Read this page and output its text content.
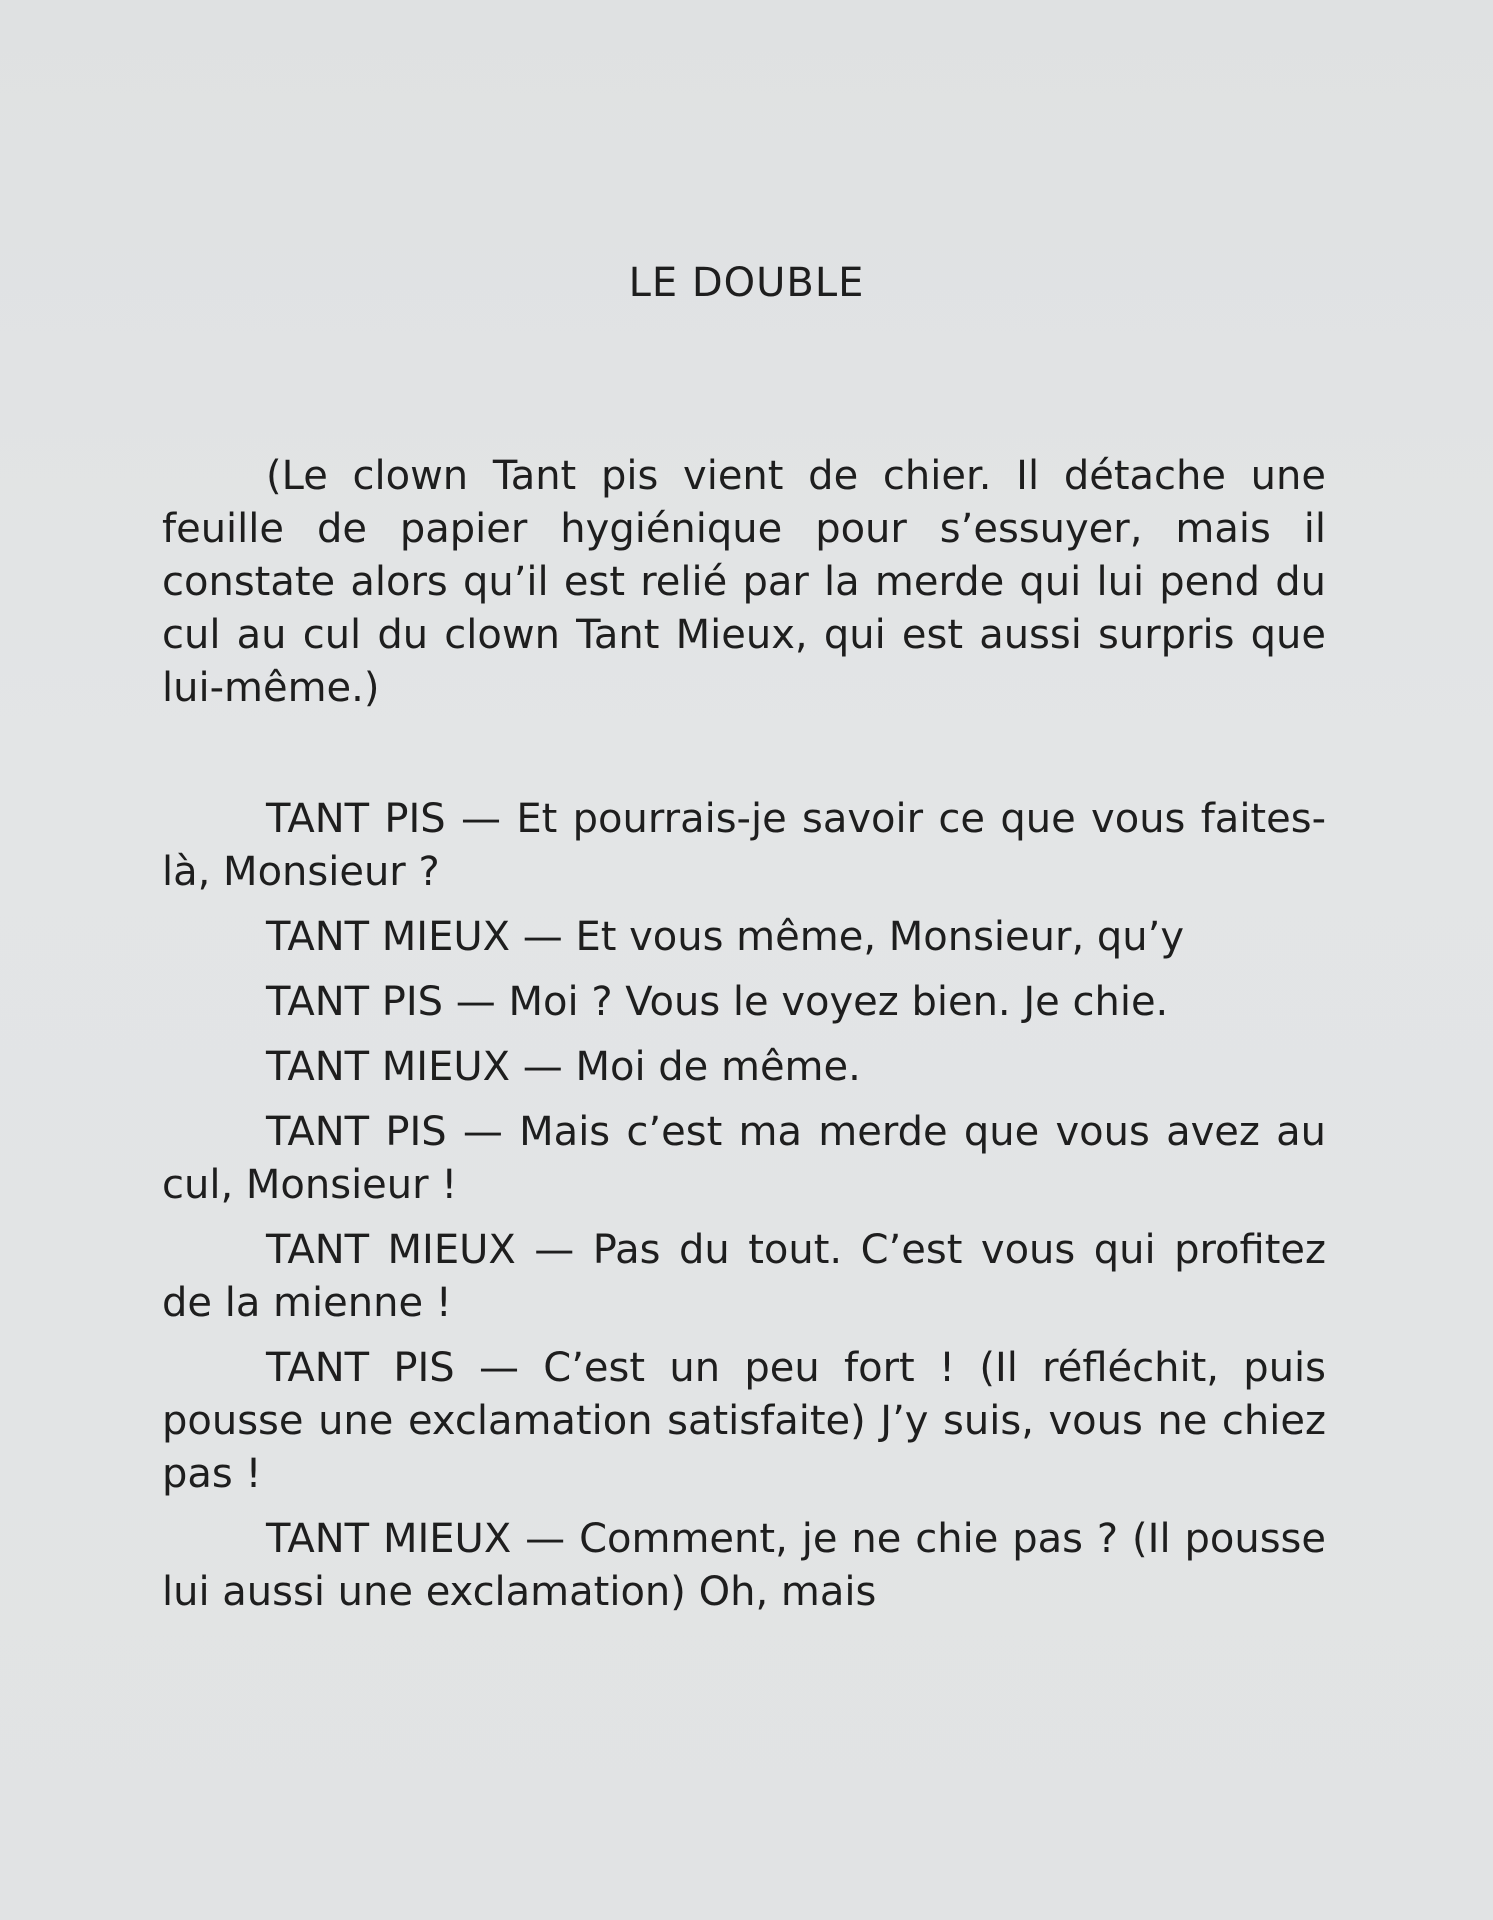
LE DOUBLE

(Le clown Tant pis vient de chier. Il détache une feuille de papier hygiénique pour s’essuyer, mais il constate alors qu’il est relié par la merde qui lui pend du cul au cul du clown Tant Mieux, qui est aussi surpris que lui-même.)

TANT PIS — Et pourrais-je savoir ce que vous faites-là, Monsieur ?

TANT MIEUX — Et vous même, Monsieur, qu’y

TANT PIS — Moi ? Vous le voyez bien. Je chie.

TANT MIEUX — Moi de même.

TANT PIS — Mais c’est ma merde que vous avez au cul, Monsieur !

TANT MIEUX — Pas du tout. C’est vous qui profitez de la mienne !

TANT PIS — C’est un peu fort ! (Il réfléchit, puis pousse une exclamation satisfaite) J’y suis, vous ne chiez pas !

TANT MIEUX — Comment, je ne chie pas ? (Il pousse lui aussi une exclamation) Oh, mais
